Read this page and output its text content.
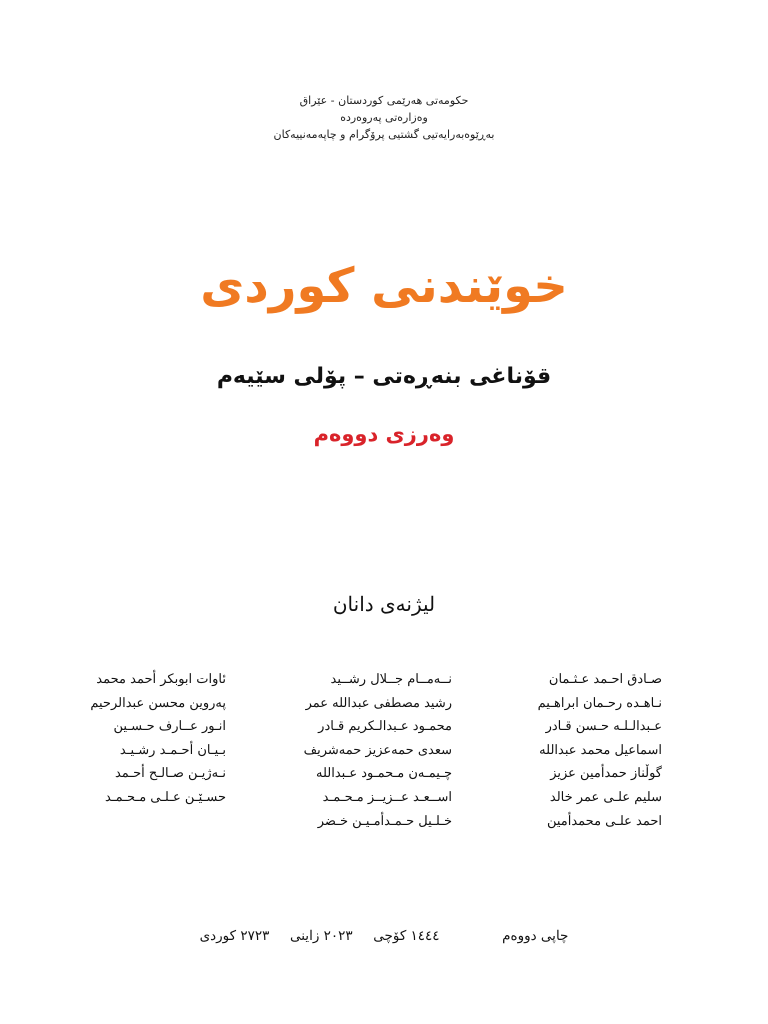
حکومەتی هەرێمی کوردستان - عێراق
وەزارەتی پەروەردە
بەڕێوەبەرایەتیی گشتیی پرۆگرام و چاپەمەنییەکان
خوێندنی کوردی
قۆناغی بنەڕەتی – پۆلی سێیەم
وەرزی دووەم
لیژنەی دانان
صـادق احـمد عـثـمان
نـاهـده رحـمان ابراهـيم
عـبدالـلـه حـسن قـادر
اسماعيل محمد عبدالله
گوڵناز حمدأمین عزیز
سلیم علـی عمر خالد
احمد علـی محمدأمین
نــەمــام جــلال رشــيد
رشيد مصطفى عبدالله عمر
محمـود عـبدالـكريم قـادر
سعدی حمەعزيز حمەشريف
چـیمـەن مـحمـود عـبدالله
اســعـد عــزیــز مـحـمـد
خـلـیل حـمـدأمـیـن خـضر
ئاوات ابوبكر أحمد محمد
پەروین محسن عبدالرحيم
انـور عــارف حـسـين
بـيـان أحـمـد رشـيـد
نـەژیـن صـالـح أحـمد
حسـێـن عـلـی مـحـمـد
چاپی دووەم  ١٤٤٤ كۆچی  ٢٠٢٣ زاینی  ٢٧٢٣ كوردی
